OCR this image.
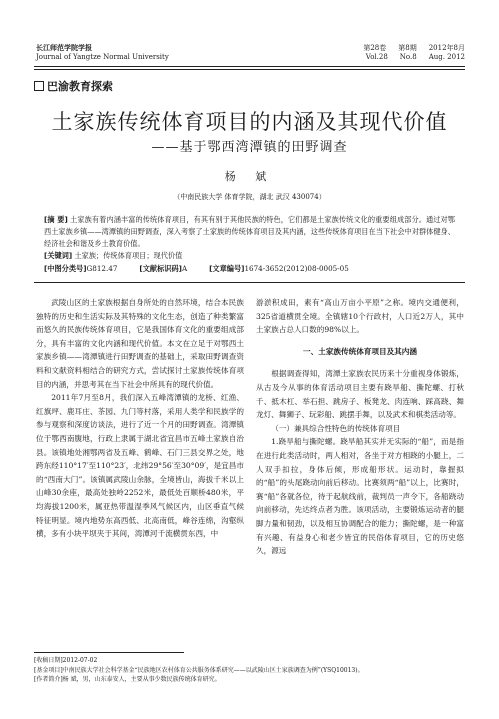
长江师范学院学报
Journal of Yangtze Normal University
第28卷 第8期 2012年8月
Vol.28 No.8 Aug. 2012
巴渝教育探索
土家族传统体育项目的内涵及其现代价值
——基于鄂西湾潭镇的田野调查
杨 斌
（中南民族大学 体育学院，湖北 武汉 430074）
[摘 要] 土家族有着内涵丰富的传统体育项目，有其有别于其他民族的特色，它们都是土家族传统文化的重要组成部分。通过对鄂西土家族乡镇——湾潭镇的田野调查，深入考察了土家族的传统体育项目及其内涵，这些传统体育项目在当下社会中对群体健身、经济社会和谐及乡土教育价值。
[关键词] 土家族；传统体育项目；现代价值
[中图分类号]G812.47	[文献标识码]A	[文章编号]1674-3652(2012)08-0005-05

武陵山区的土家族根据自身所处的自然环境，结合本民族独特的历史和生活实际及其特殊的文化生态，创造了种类繁富而悠久的民族传统体育项目，它是我国体育文化的重要组成部分，具有丰富的文化内涵和现代价值。本文在立足于对鄂西土家族乡镇——湾潭镇进行田野调查的基础上，采取田野调查资料和文献资料相结合的研究方式，尝试探讨土家族传统体育项目的内涵，并思考其在当下社会中所具有的现代价值。

2011年7月至8月，我们深入五峰湾潭镇的龙桥、红渔、红旗坪、鹿耳庄、茶园、九门等村落，采用人类学和民族学的参与观察和深度访谈法，进行了近一个月的田野调查。湾潭镇位于鄂西南腹地，行政上隶属于湖北省宜昌市五峰土家族自治县。该镇地处湘鄂两省及五峰、鹤峰、石门三县交界之处，地跨东经110°17′至110°23′，北纬29°56′至30°09′，是宜昌市的“西南大门”。该镇属武陵山余脉，全境皆山，海拔千米以上山峰30余座，最高处独岭2252米，最低处百顺桥480米，平均海拔1200米，属亚热带温湿季风气候区内，山区垂直气候特征明显。境内地势东高西低、北高南低，峰谷连绵，沟壑纵横，多有小块平坝夹于其间，湾潭河千流横贯东西，中

游淤积成田，素有“高山万亩小平原”之称。境内交通便利，325省道横贯全境。全镇辖10个行政村，人口近2万人，其中土家族占总人口数的98%以上。

一、土家族传统体育项目及其内涵

根据调查得知，湾潭土家族农民历来十分重视身体锻炼，从古及今从事的体育活动项目主要有跷旱船、撕陀螺、打秋千、抵木杠、举石担、跳房子、板凳龙、肉连响、踩高跷、舞龙灯、舞狮子、玩彩船、跳摆手舞，以及武术和棋类活动等。

（一）兼具综合性特色的传统体育项目

1.跷旱船与撕陀螺。跷旱船其实并无实际的“船”，而是指在进行此类活动时，两人相对，各坐于对方相跷的小腿上，二人双手扣拉，身体后倾，形成船形状。运动时，靠握拟的“船”的头尾跷动向前后移动。比赛须两“船”以上，比赛时，赛“船”各就各位，待于起航线前，裁判员一声令下，各船跷动向前移动，先达终点者为胜。该项活动，主要锻炼运动者的腿脚力量和韧劲，以及相互协调配合的能力；撕陀螺，是一种富有兴趣、有益身心和老少皆宜的民俗体育项目，它的历史悠久，源远

[收稿日期]2012-07-02
[基金项目]中南民族大学社会科学基金“民族地区农村体育公共服务体系研究——以武陵山区土家族调查为例”(YSQ10013)。
[作者简介]杨 斌，男，山东泰安人，主要从事少数民族传统体育研究。
